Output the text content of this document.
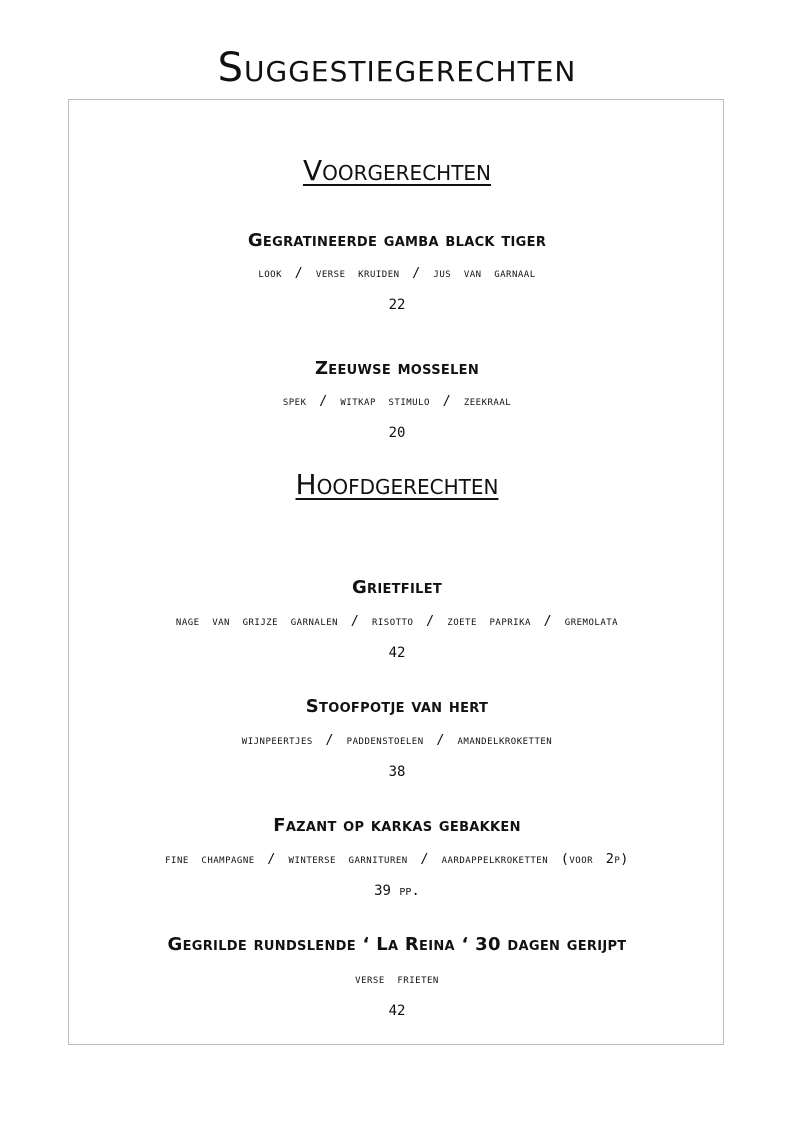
Suggestiegerechten
Voorgerechten
Gegratineerde gamba black tiger
look / verse kruiden / jus van garnaal
22
Zeeuwse mosselen
spek / witkap stimulo / zeekraal
20
Hoofdgerechten
Grietfilet
nage van grijze garnalen / risotto / zoete paprika / gremolata
42
Stoofpotje van hert
wijnpeertjes / paddenstoelen / amandelkroketten
38
Fazant op karkas gebakken
fine champagne / winterse garnituren / aardappelkroketten (voor 2p)
39 pp.
Gegrilde rundslende ‘ La Reina ‘ 30 dagen gerijpt
verse frieten
42
